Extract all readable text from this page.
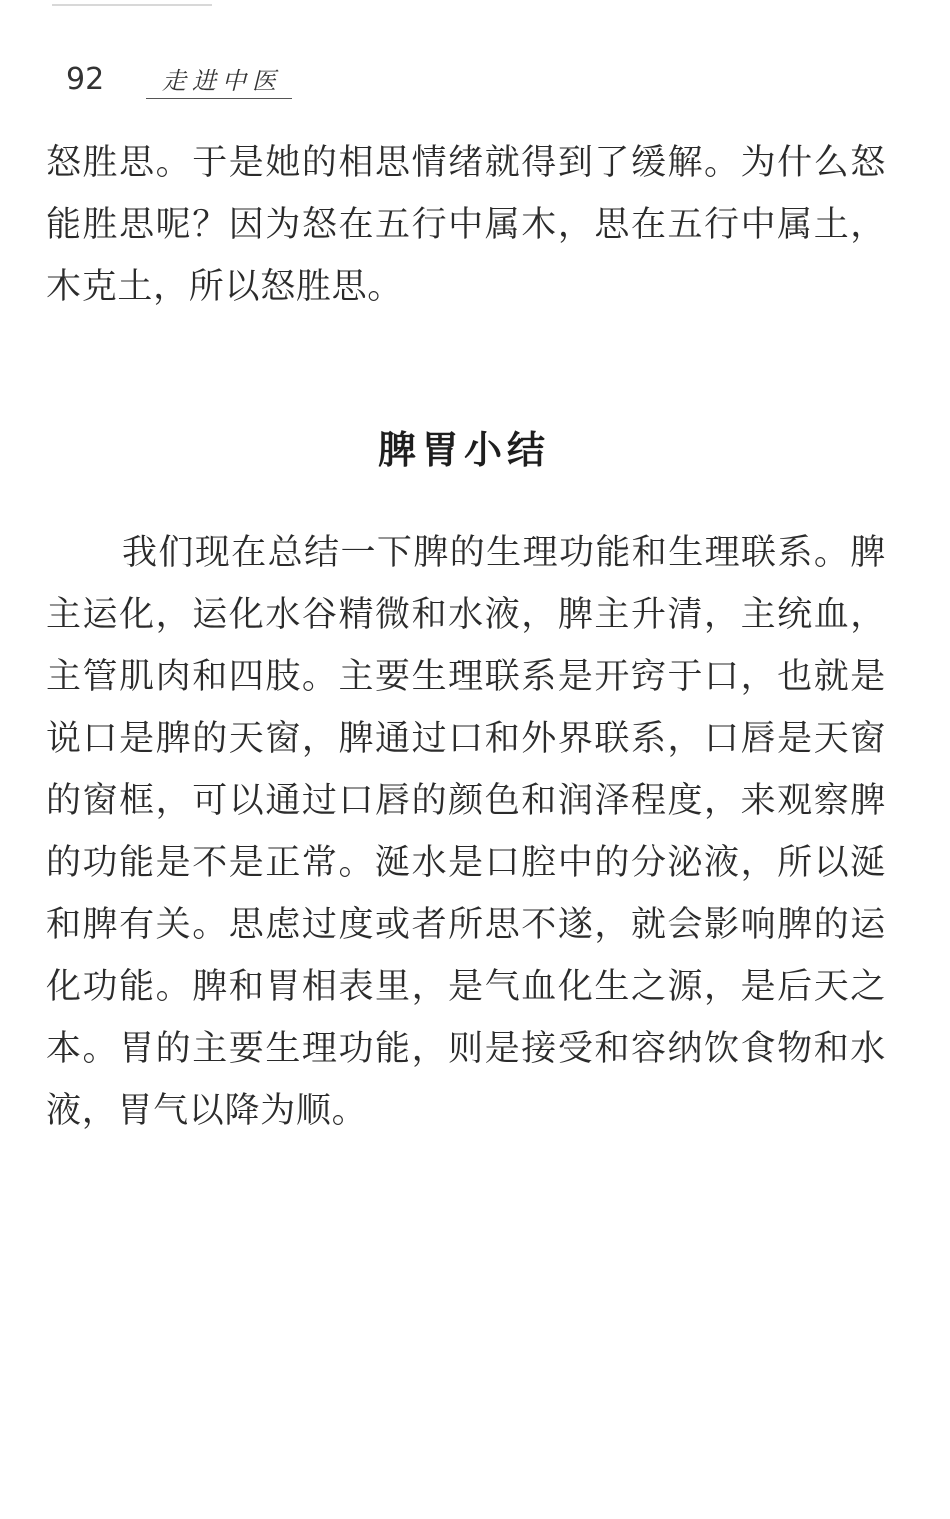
92	走进中医

怒胜思。于是她的相思情绪就得到了缓解。为什么怒能胜思呢？因为怒在五行中属木，思在五行中属土，木克土，所以怒胜思。

脾胃小结

我们现在总结一下脾的生理功能和生理联系。脾主运化，运化水谷精微和水液，脾主升清，主统血，主管肌肉和四肢。主要生理联系是开窍于口，也就是说口是脾的天窗，脾通过口和外界联系，口唇是天窗的窗框，可以通过口唇的颜色和润泽程度，来观察脾的功能是不是正常。涎水是口腔中的分泌液，所以涎和脾有关。思虑过度或者所思不遂，就会影响脾的运化功能。脾和胃相表里，是气血化生之源，是后天之本。胃的主要生理功能，则是接受和容纳饮食物和水液，胃气以降为顺。
